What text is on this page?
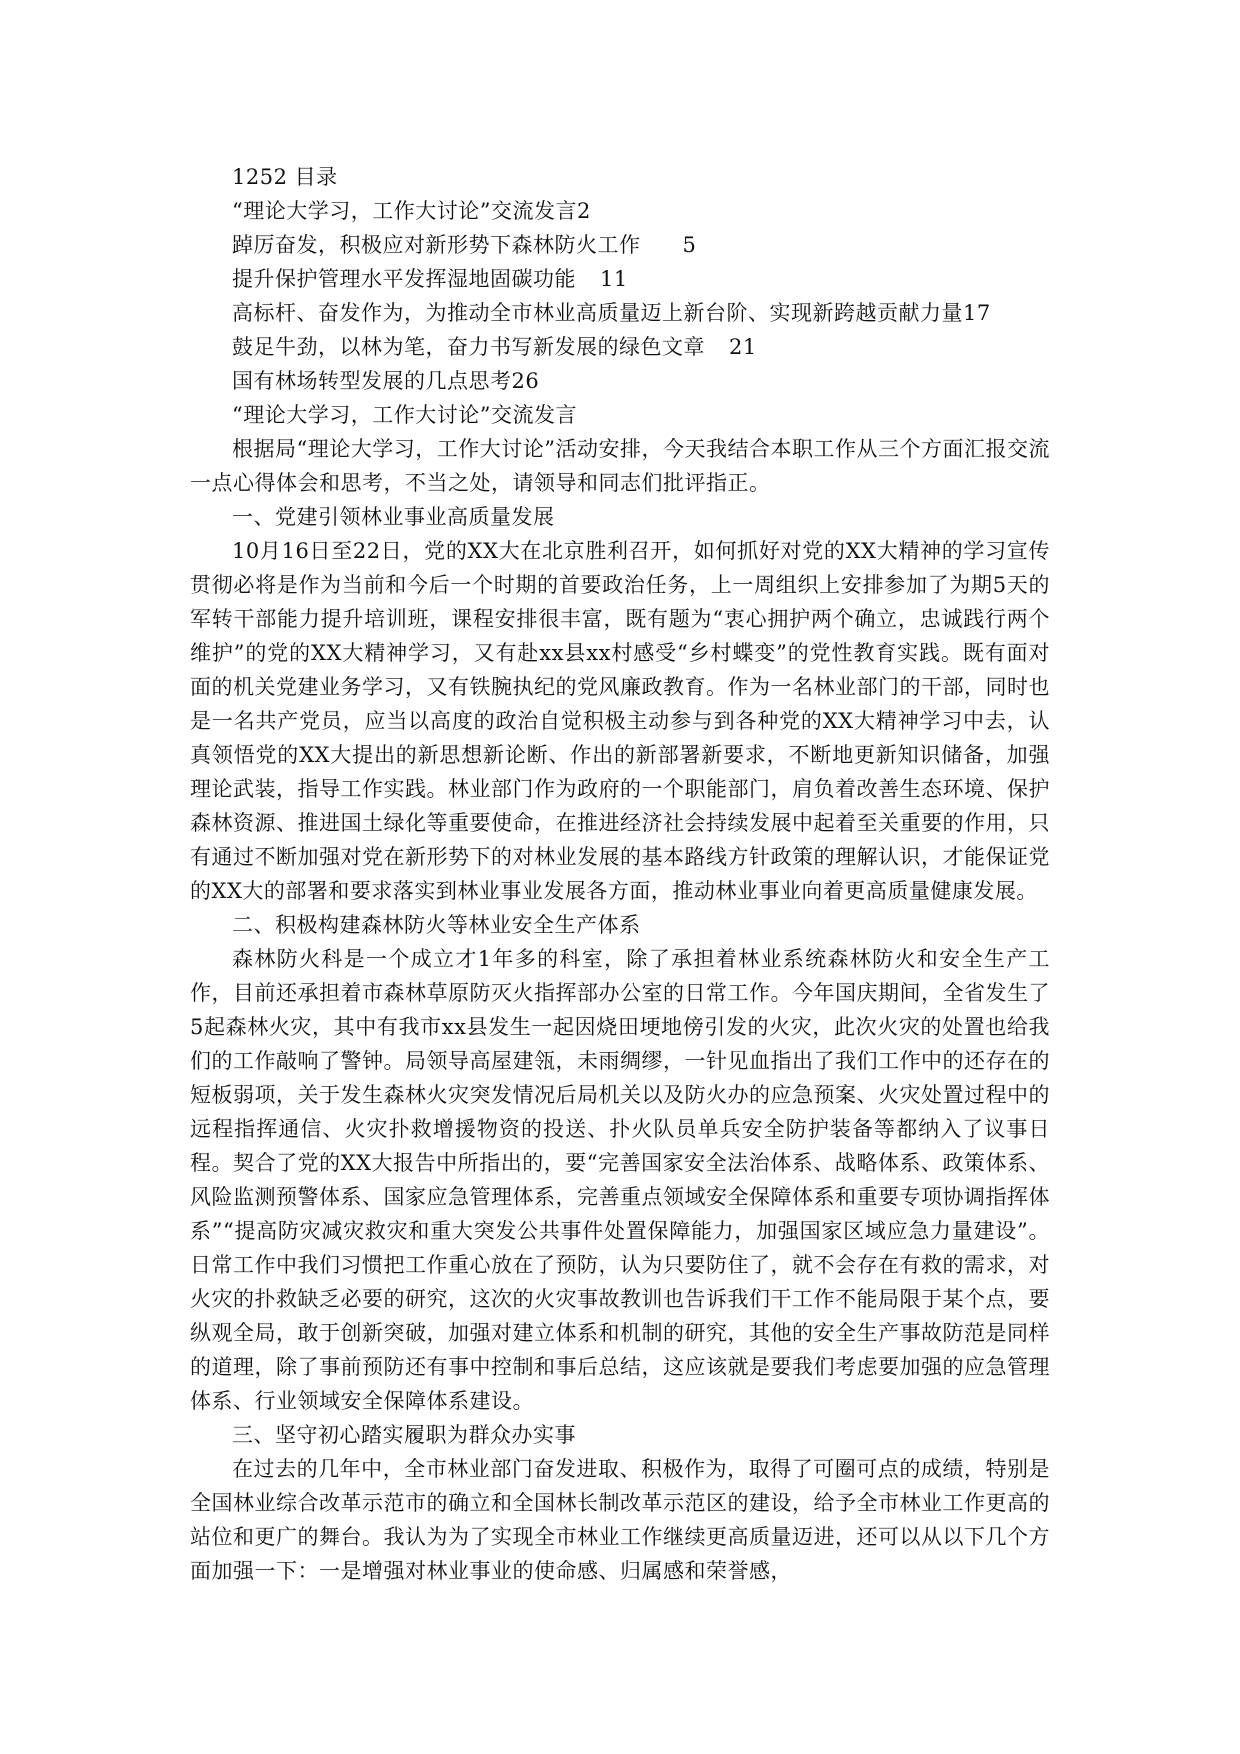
1252 目录

“理论大学习，工作大讨论”交流发言2

踔厉奋发，积极应对新形势下森林防火工作 5

提升保护管理水平发挥湿地固碳功能 11

高标杆、奋发作为，为推动全市林业高质量迈上新台阶、实现新跨越贡献力量17

鼓足牛劲，以林为笔，奋力书写新发展的绿色文章 21

国有林场转型发展的几点思考26

“理论大学习，工作大讨论”交流发言

根据局“理论大学习，工作大讨论”活动安排，今天我结合本职工作从三个方面汇报交流一点心得体会和思考，不当之处，请领导和同志们批评指正。

一、党建引领林业事业高质量发展

10月16日至22日，党的XX大在北京胜利召开，如何抓好对党的XX大精神的学习宣传贯彻必将是作为当前和今后一个时期的首要政治任务，上一周组织上安排参加了为期5天的军转干部能力提升培训班，课程安排很丰富，既有题为“衷心拥护两个确立，忠诚践行两个维护”的党的XX大精神学习，又有赴xx县xx村感受“乡村蝶变”的党性教育实践。既有面对面的机关党建业务学习，又有铁腕执纪的党风廉政教育。作为一名林业部门的干部，同时也是一名共产党员，应当以高度的政治自觉积极主动参与到各种党的XX大精神学习中去，认真领悟党的XX大提出的新思想新论断、作出的新部署新要求，不断地更新知识储备，加强理论武装，指导工作实践。林业部门作为政府的一个职能部门，肩负着改善生态环境、保护森林资源、推进国土绿化等重要使命，在推进经济社会持续发展中起着至关重要的作用，只有通过不断加强对党在新形势下的对林业发展的基本路线方针政策的理解认识，才能保证党的XX大的部署和要求落实到林业事业发展各方面，推动林业事业向着更高质量健康发展。

二、积极构建森林防火等林业安全生产体系

森林防火科是一个成立才1年多的科室，除了承担着林业系统森林防火和安全生产工作，目前还承担着市森林草原防灭火指挥部办公室的日常工作。今年国庆期间，全省发生了5起森林火灾，其中有我市xx县发生一起因烧田埂地傍引发的火灾，此次火灾的处置也给我们的工作敲响了警钟。局领导高屋建瓴，未雨绸缪，一针见血指出了我们工作中的还存在的短板弱项，关于发生森林火灾突发情况后局机关以及防火办的应急预案、火灾处置过程中的远程指挥通信、火灾扑救增援物资的投送、扑火队员单兵安全防护装备等都纳入了议事日程。契合了党的XX大报告中所指出的，要“完善国家安全法治体系、战略体系、政策体系、风险监测预警体系、国家应急管理体系，完善重点领域安全保障体系和重要专项协调指挥体系”“提高防灾减灾救灾和重大突发公共事件处置保障能力，加强国家区域应急力量建设”。日常工作中我们习惯把工作重心放在了预防，认为只要防住了，就不会存在有救的需求，对火灾的扑救缺乏必要的研究，这次的火灾事故教训也告诉我们干工作不能局限于某个点，要纵观全局，敢于创新突破，加强对建立体系和机制的研究，其他的安全生产事故防范是同样的道理，除了事前预防还有事中控制和事后总结，这应该就是要我们考虑要加强的应急管理体系、行业领域安全保障体系建设。

三、坚守初心踏实履职为群众办实事

在过去的几年中，全市林业部门奋发进取、积极作为，取得了可圈可点的成绩，特别是全国林业综合改革示范市的确立和全国林长制改革示范区的建设，给予全市林业工作更高的站位和更广的舞台。我认为为了实现全市林业工作继续更高质量迈进，还可以从以下几个方面加强一下：一是增强对林业事业的使命感、归属感和荣誉感，
